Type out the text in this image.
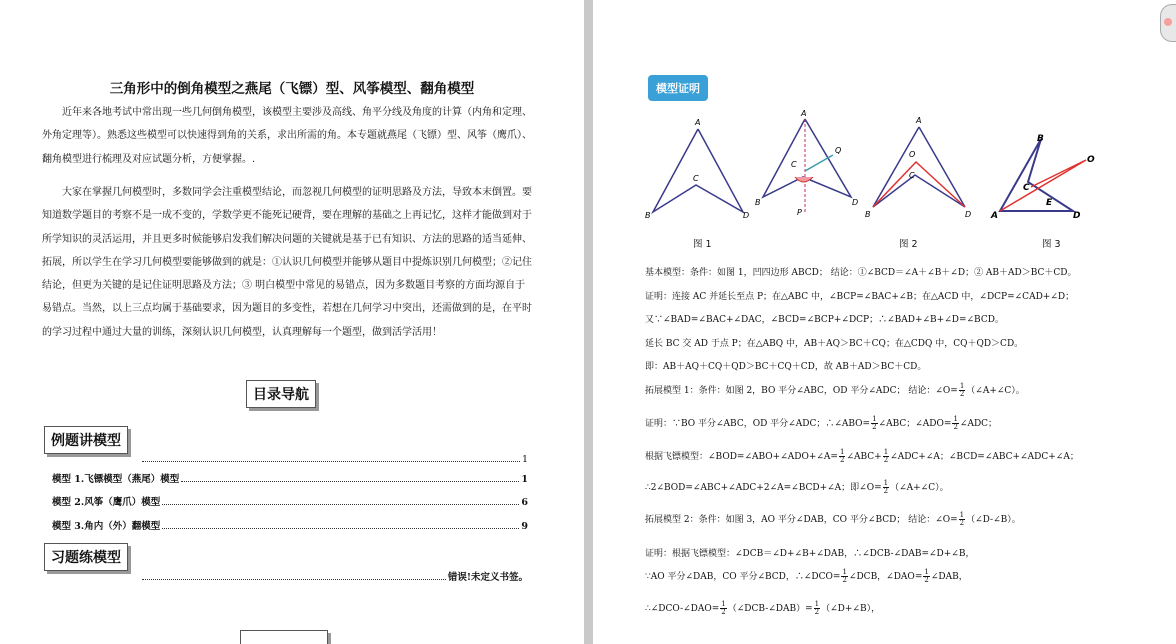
三角形中的倒角模型之燕尾（飞镖）型、风筝模型、翻角模型

近年来各地考试中常出现一些几何倒角模型，该模型主要涉及高线、角平分线及角度的计算（内角和定理、外角定理等）。熟悉这些模型可以快速得到角的关系，求出所需的角。本专题就燕尾（飞镖）型、风筝（鹰爪）、翻角模型进行梳理及对应试题分析，方便掌握。.

大家在掌握几何模型时，多数同学会注重模型结论，而忽视几何模型的证明思路及方法，导致本末倒置。要知道数学题目的考察不是一成不变的，学数学更不能死记硬背，要在理解的基础之上再记忆，这样才能做到对于所学知识的灵活运用，并且更多时候能够启发我们解决问题的关键就是基于已有知识、方法的思路的适当延伸、拓展，所以学生在学习几何模型要能够做到的就是：①认识几何模型并能够从题目中提炼识别几何模型；②记住结论，但更为关键的是记住证明思路及方法；③ 明白模型中常见的易错点，因为多数题目考察的方面均源自于易错点。当然，以上三点均属于基础要求，因为题目的多变性，若想在几何学习中突出，还需做到的是，在平时的学习过程中通过大量的训练，深刻认识几何模型，认真理解每一个题型，做到活学活用！

目录导航
例题讲模型
1
模型 1.飞镖模型（燕尾）模型	1
模型 2.风筝（鹰爪）模型	6
模型 3.角内（外）翻模型	9
习题练模型
错误!未定义书签。
模型证明
A
B
C
D
A
B
C
D
P
Q
A
O
C
B	D
B
O
C
E
A	D
图 1	图 2	图 3
基本模型：条件：如图 1，凹四边形 ABCD； 结论：①∠BCD＝∠A＋∠B＋∠D；② AB＋AD＞BC＋CD。
证明：连接 AC 并延长至点 P；在△ABC 中，∠BCP=∠BAC+∠B；在△ACD 中，∠DCP=∠CAD+∠D；
又∵∠BAD=∠BAC+∠DAC，∠BCD=∠BCP+∠DCP；∴∠BAD+∠B+∠D=∠BCD。
延长 BC 交 AD 于点 P；在△ABQ 中，AB＋AQ＞BC＋CQ；在△CDQ 中，CQ＋QD＞CD。
即：AB＋AQ＋CQ＋QD＞BC＋CQ＋CD，故 AB＋AD＞BC＋CD。
拓展模型 1：条件：如图 2，BO 平分∠ABC，OD 平分∠ADC； 结论：∠O= $\frac{1}{2}$ （∠A+∠C）。
证明：∵BO 平分∠ABC，OD 平分∠ADC；∴∠ABO= $\frac{1}{2}$ ∠ABC；∠ADO= $\frac{1}{2}$ ∠ADC；
根据飞镖模型：∠BOD=∠ABO+∠ADO+∠A= $\frac{1}{2}$ ∠ABC+ $\frac{1}{2}$ ∠ADC+∠A；∠BCD=∠ABC+∠ADC+∠A；
∴2∠BOD=∠ABC+∠ADC+2∠A=∠BCD+∠A；即∠O= $\frac{1}{2}$ （∠A+∠C）。
拓展模型 2：条件：如图 3，AO 平分∠DAB，CO 平分∠BCD； 结论：∠O= $\frac{1}{2}$ （∠D-∠B）。
证明：根据飞镖模型：∠DCB＝∠D+∠B+∠DAB，∴∠DCB-∠DAB=∠D+∠B，
∵AO 平分∠DAB，CO 平分∠BCD，∴∠DCO= $\frac{1}{2}$ ∠DCB，∠DAO= $\frac{1}{2}$ ∠DAB，
∴∠DCO-∠DAO= $\frac{1}{2}$ （∠DCB-∠DAB）= $\frac{1}{2}$ （∠D+∠B），
